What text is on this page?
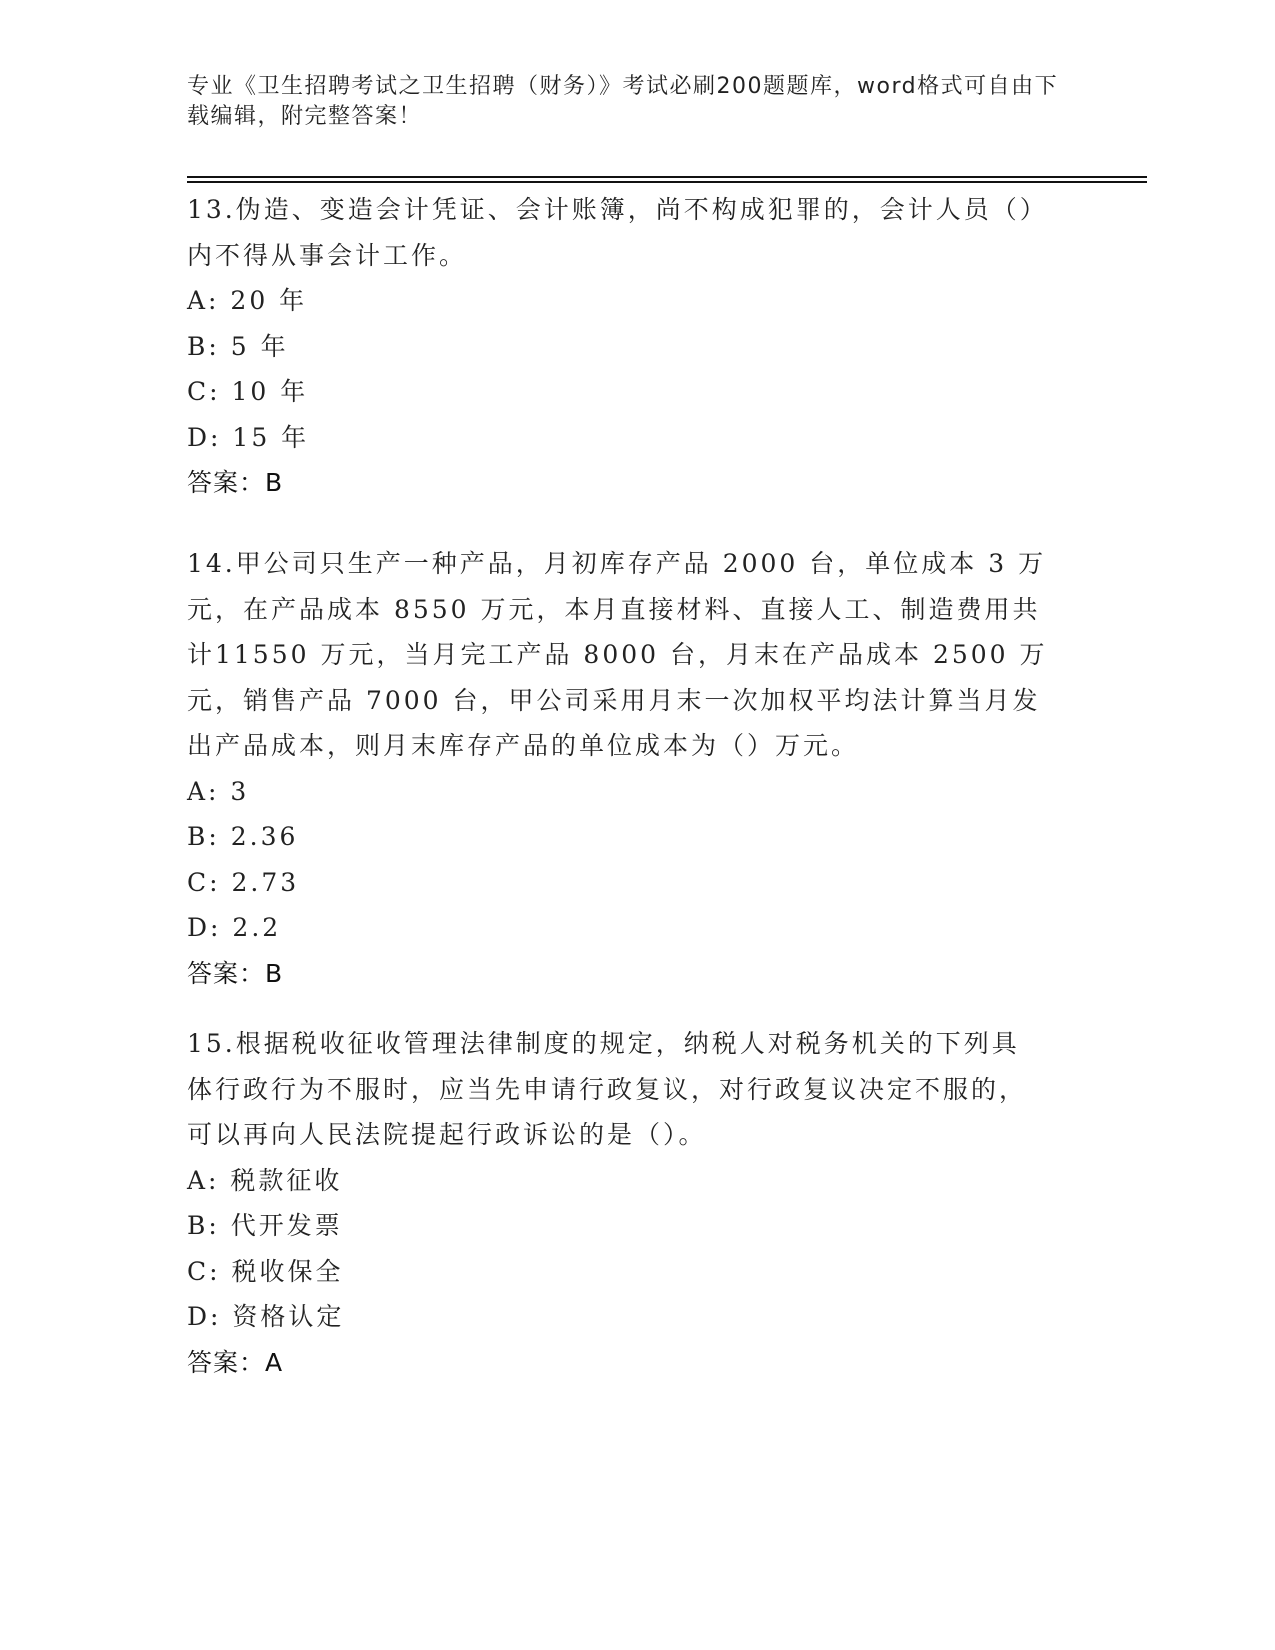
专业《卫生招聘考试之卫生招聘（财务）》考试必刷200题题库，word格式可自由下载编辑，附完整答案！
13.伪造、变造会计凭证、会计账簿，尚不构成犯罪的，会计人员（）内不得从事会计工作。
A: 20 年
B: 5 年
C: 10 年
D: 15 年
答案：B
14.甲公司只生产一种产品，月初库存产品 2000 台，单位成本 3 万元，在产品成本 8550 万元，本月直接材料、直接人工、制造费用共计11550 万元，当月完工产品 8000 台，月末在产品成本 2500 万元，销售产品 7000 台，甲公司采用月末一次加权平均法计算当月发出产品成本，则月末库存产品的单位成本为（）万元。
A: 3
B: 2.36
C: 2.73
D: 2.2
答案：B
15.根据税收征收管理法律制度的规定，纳税人对税务机关的下列具体行政行为不服时，应当先申请行政复议，对行政复议决定不服的，可以再向人民法院提起行政诉讼的是（）。
A: 税款征收
B: 代开发票
C: 税收保全
D: 资格认定
答案：A
